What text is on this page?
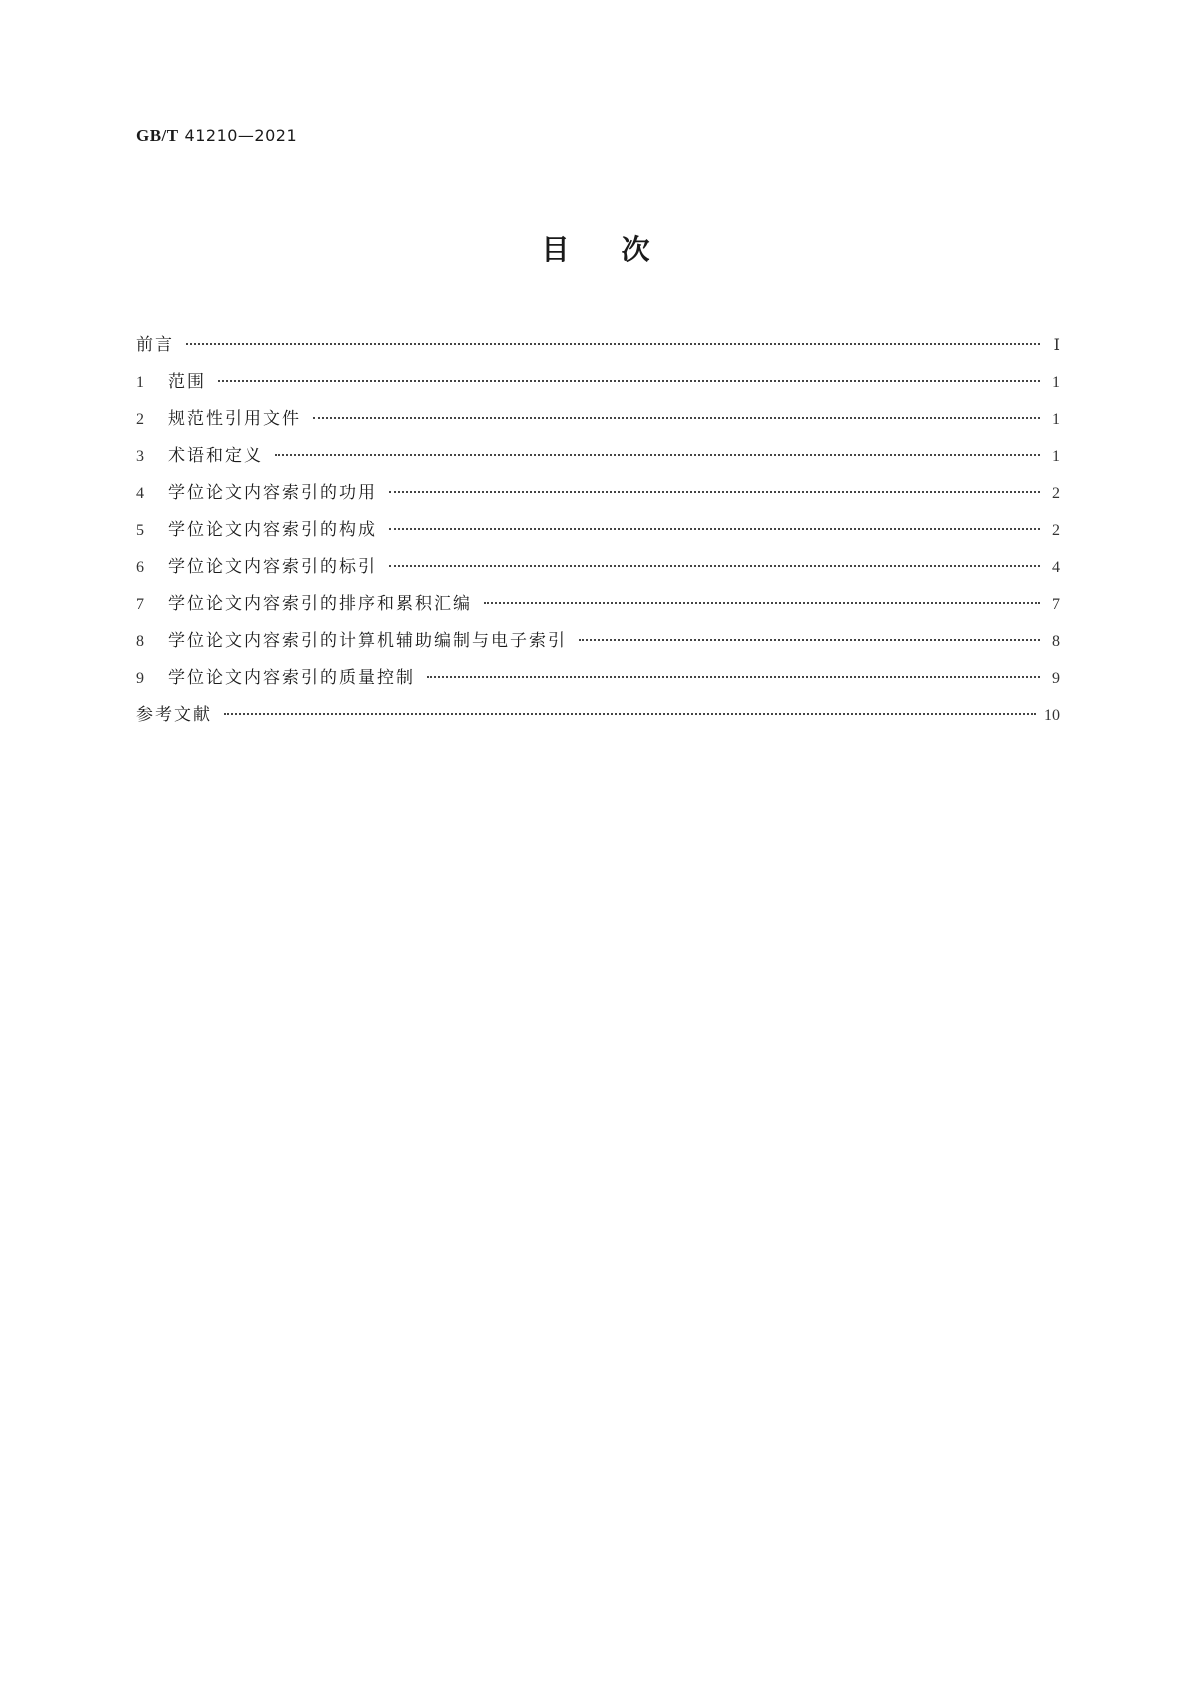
GB/T 41210—2021
目次
前言	Ⅰ
1	范围	1
2	规范性引用文件	1
3	术语和定义	1
4	学位论文内容索引的功用	2
5	学位论文内容索引的构成	2
6	学位论文内容索引的标引	4
7	学位论文内容索引的排序和累积汇编	7
8	学位论文内容索引的计算机辅助编制与电子索引	8
9	学位论文内容索引的质量控制	9
参考文献	10
